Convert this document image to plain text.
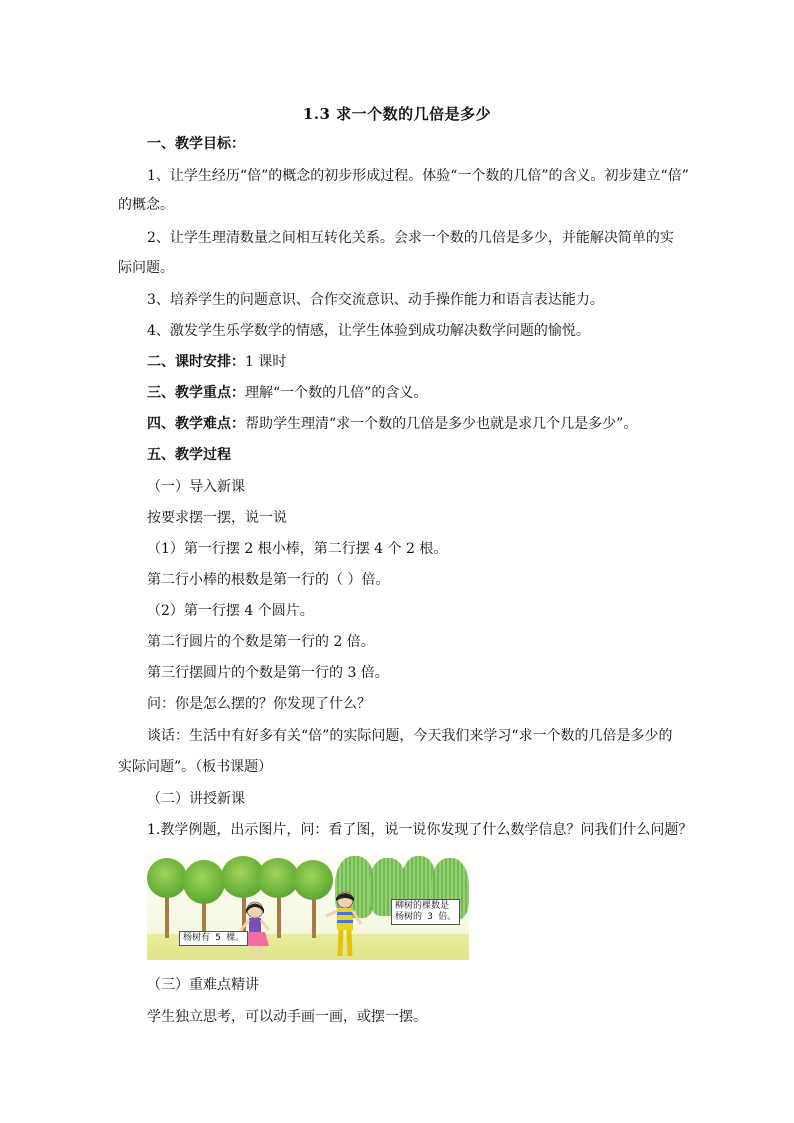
1.3 求一个数的几倍是多少
一、教学目标：
1、让学生经历“倍”的概念的初步形成过程。体验“一个数的几倍”的含义。初步建立“倍”
的概念。
2、让学生理清数量之间相互转化关系。会求一个数的几倍是多少，并能解决简单的实
际问题。
3、培养学生的问题意识、合作交流意识、动手操作能力和语言表达能力。
4、激发学生乐学数学的情感，让学生体验到成功解决数学问题的愉悦。
二、课时安排：1 课时
三、教学重点：理解“一个数的几倍”的含义。
四、教学难点：帮助学生理清“求一个数的几倍是多少也就是求几个几是多少”。
五、教学过程
（一）导入新课
按要求摆一摆，说一说
（1）第一行摆 2 根小棒，第二行摆 4 个 2 根。
第二行小棒的根数是第一行的（ ）倍。
（2）第一行摆 4 个圆片。
第二行圆片的个数是第一行的 2 倍。
第三行摆圆片的个数是第一行的 3 倍。
问：你是怎么摆的？你发现了什么？
谈话：生活中有好多有关“倍”的实际问题，今天我们来学习“求一个数的几倍是多少的
实际问题”。（板书课题）
（二）讲授新课
1.教学例题，出示图片，问：看了图，说一说你发现了什么数学信息？问我们什么问题？
杨树有 5 棵。
柳树的棵数是
杨树的 3 倍。
（三）重难点精讲
学生独立思考，可以动手画一画，或摆一摆。
